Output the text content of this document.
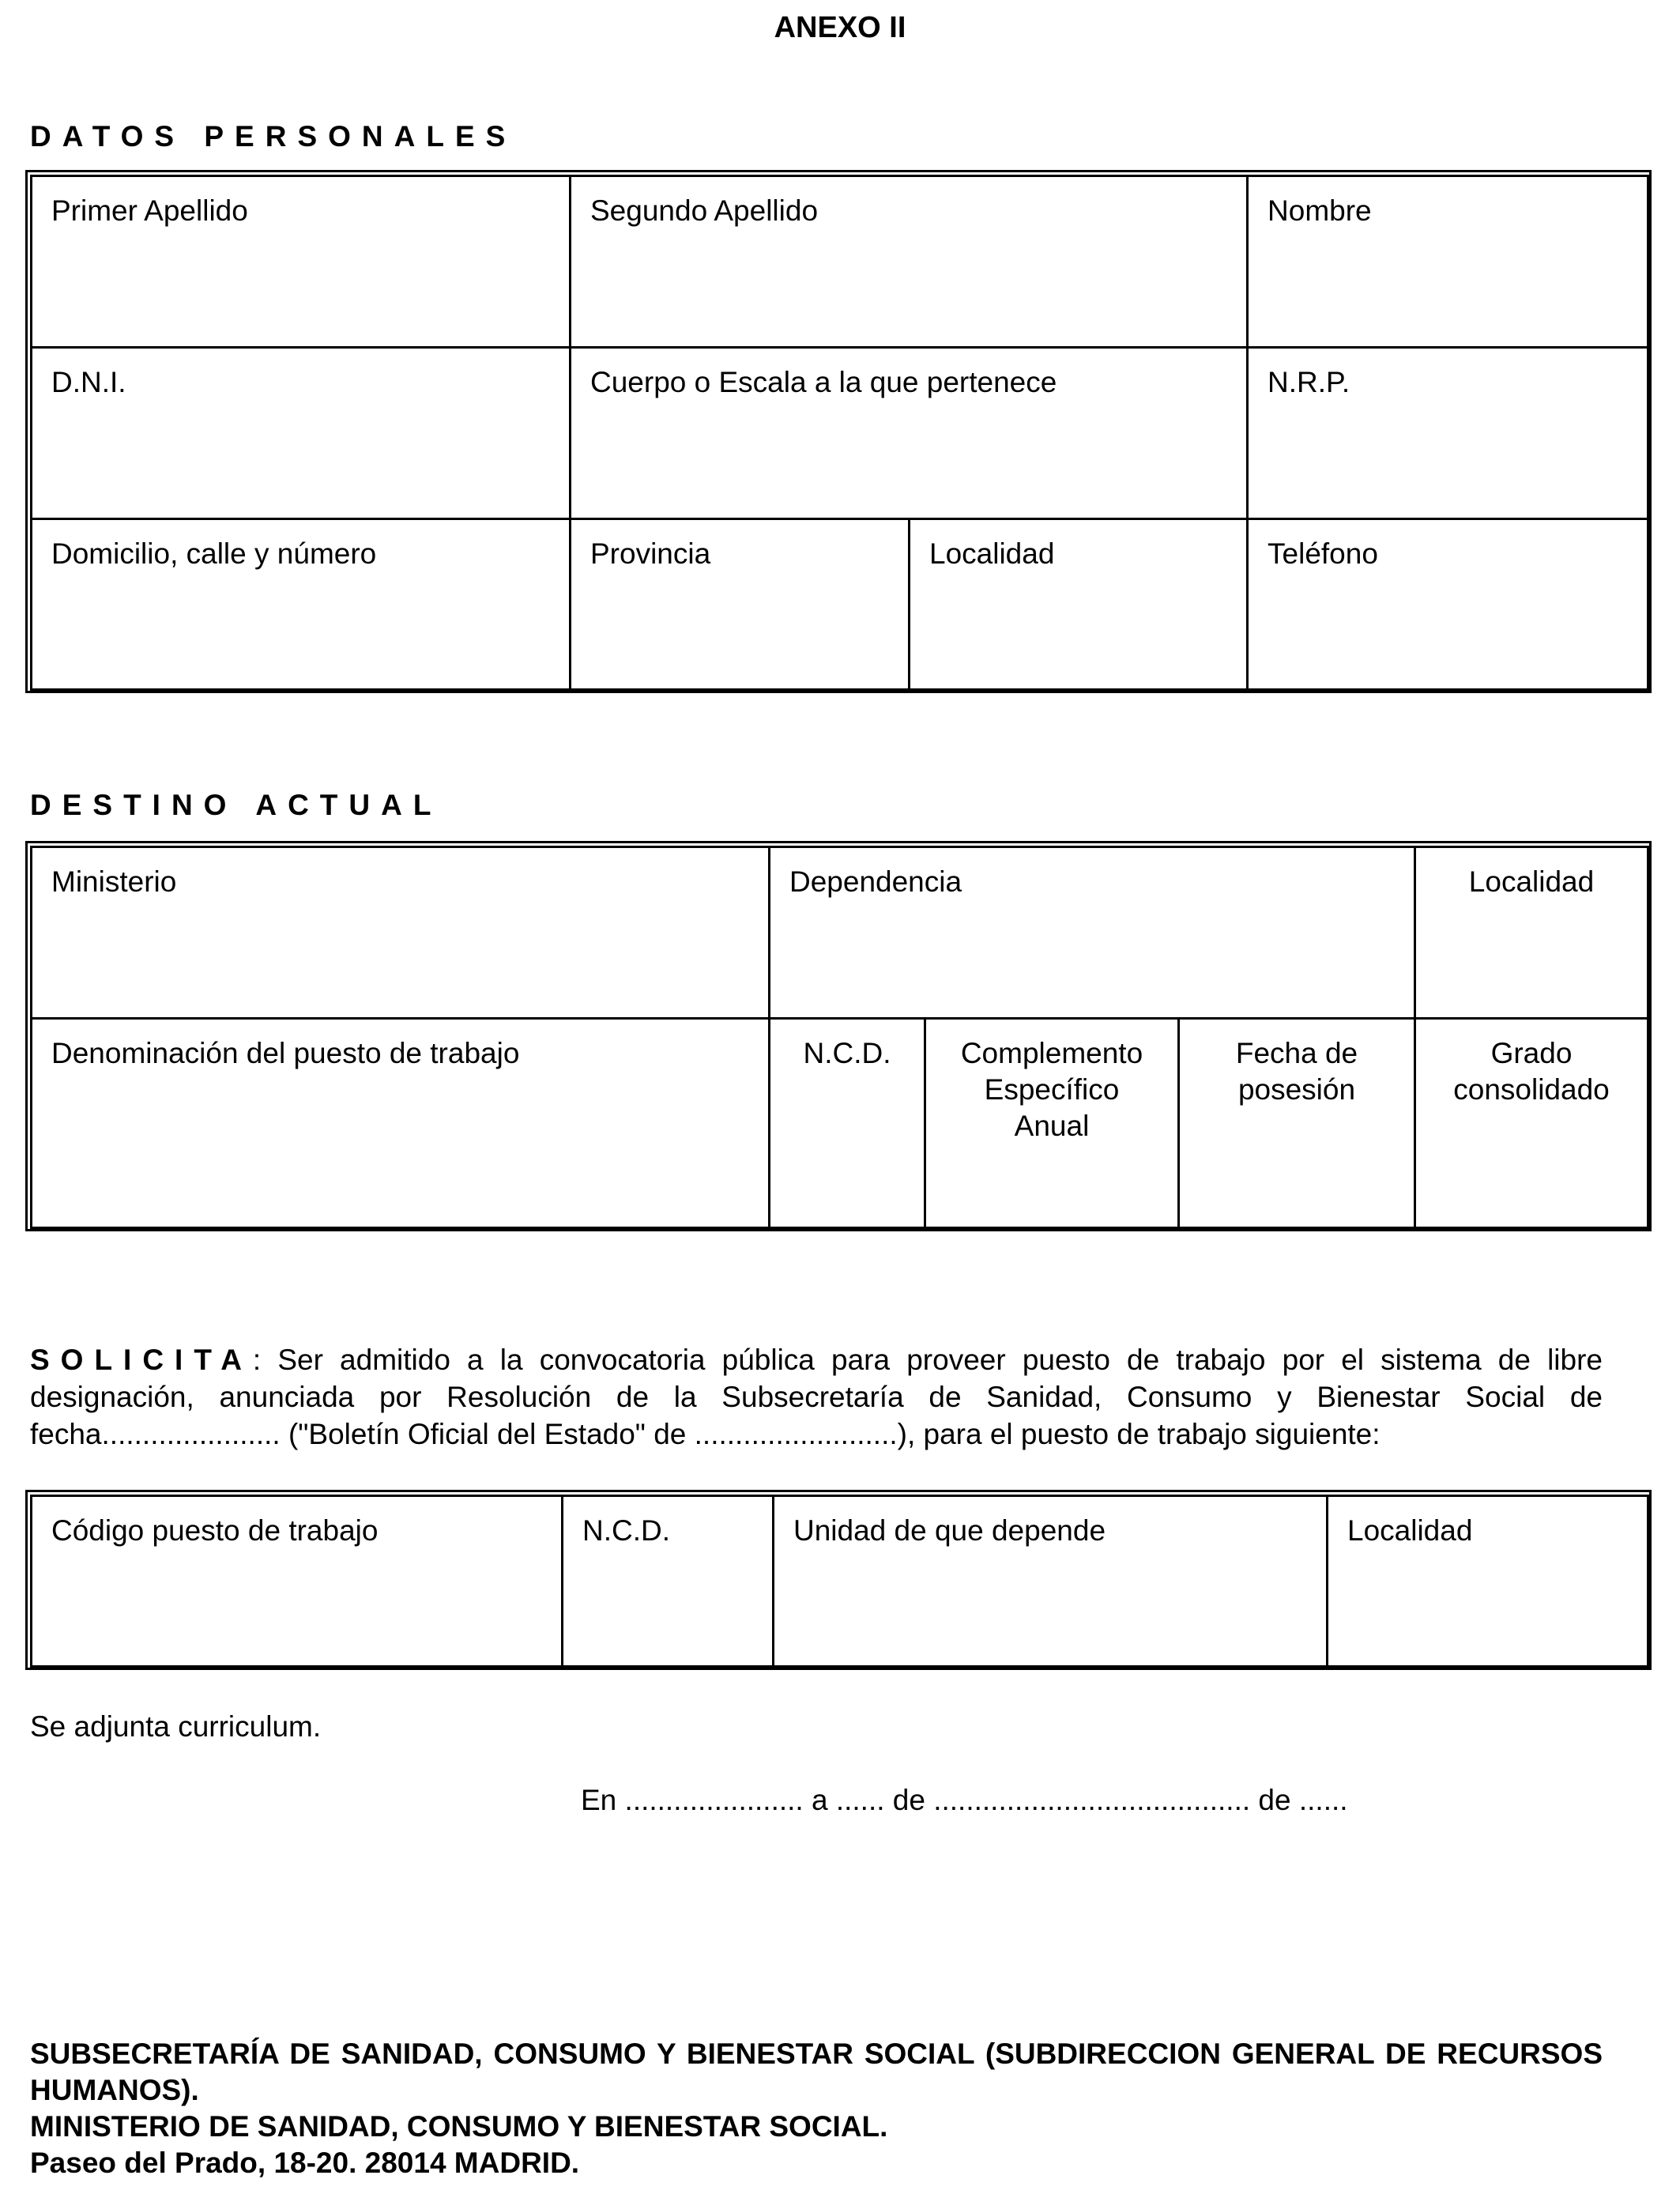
ANEXO II
DATOS PERSONALES
Primer Apellido	Segundo Apellido		Nombre
D.N.I.	Cuerpo o Escala a la que pertenece		N.R.P.
Domicilio, calle y número	Provincia	Localidad	Teléfono
DESTINO ACTUAL
Ministerio	Dependencia			Localidad
Denominación del puesto de trabajo	N.C.D.	Complemento Específico Anual	Fecha de posesión	Grado consolidado
SOLICITA: Ser admitido a la convocatoria pública para proveer puesto de trabajo por el sistema de libre designación, anunciada por Resolución de la Subsecretaría de Sanidad, Consumo y Bienestar Social de fecha...................... ("Boletín Oficial del Estado" de .........................), para el puesto de trabajo siguiente:
Código puesto de trabajo	N.C.D.	Unidad de que depende	Localidad
Se adjunta curriculum.
En ...................... a ...... de ....................................... de ......
SUBSECRETARÍA DE SANIDAD, CONSUMO Y BIENESTAR SOCIAL (SUBDIRECCION GENERAL DE RECURSOS HUMANOS).
MINISTERIO DE SANIDAD, CONSUMO Y BIENESTAR SOCIAL.
Paseo del Prado, 18-20. 28014 MADRID.
